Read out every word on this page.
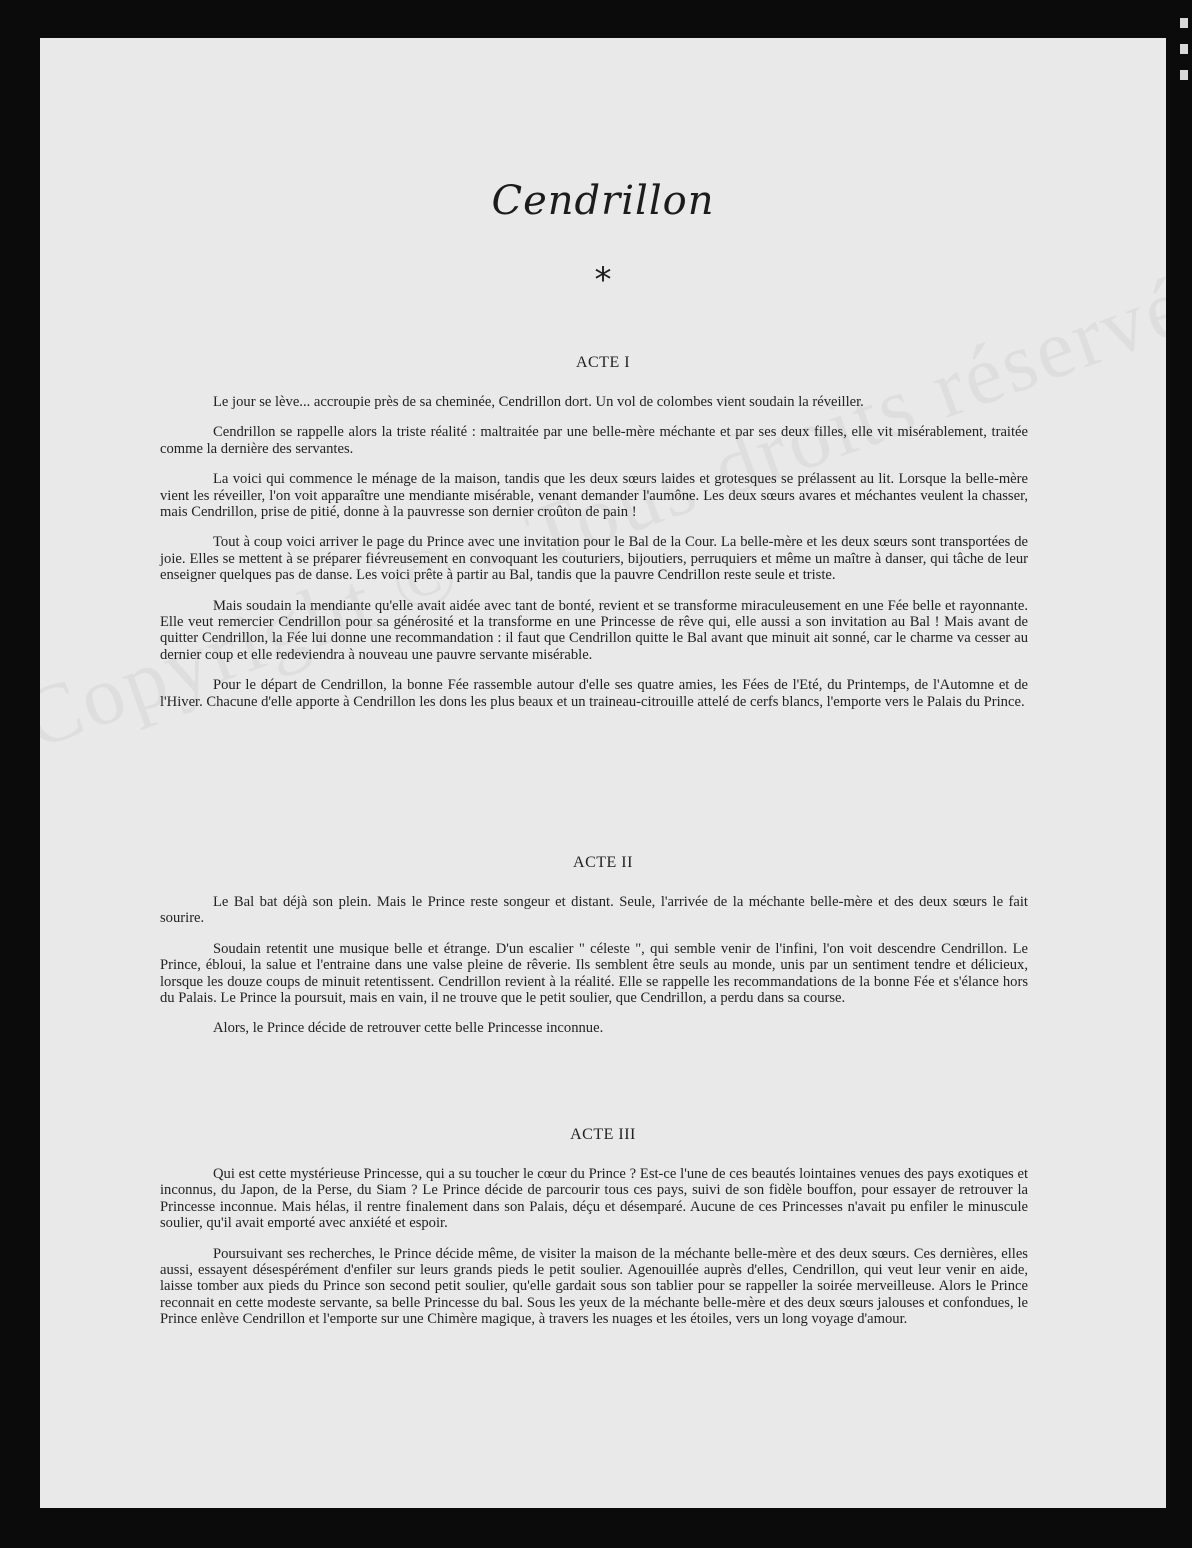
Cendrillon
*
ACTE I

Le jour se lève... accroupie près de sa cheminée, Cendrillon dort. Un vol de colombes vient soudain la réveiller.

Cendrillon se rappelle alors la triste réalité : maltraitée par une belle-mère méchante et par ses deux filles, elle vit misérablement, traitée comme la dernière des servantes.

La voici qui commence le ménage de la maison, tandis que les deux sœurs laides et grotesques se prélassent au lit. Lorsque la belle-mère vient les réveiller, l'on voit apparaître une mendiante misérable, venant demander l'aumône. Les deux sœurs avares et méchantes veulent la chasser, mais Cendrillon, prise de pitié, donne à la pauvresse son dernier croûton de pain !

Tout à coup voici arriver le page du Prince avec une invitation pour le Bal de la Cour. La belle-mère et les deux sœurs sont transportées de joie. Elles se mettent à se préparer fiévreusement en convoquant les couturiers, bijoutiers, perruquiers et même un maître à danser, qui tâche de leur enseigner quelques pas de danse. Les voici prête à partir au Bal, tandis que la pauvre Cendrillon reste seule et triste.

Mais soudain la mendiante qu'elle avait aidée avec tant de bonté, revient et se transforme miraculeusement en une Fée belle et rayonnante. Elle veut remercier Cendrillon pour sa générosité et la transforme en une Princesse de rêve qui, elle aussi a son invitation au Bal ! Mais avant de quitter Cendrillon, la Fée lui donne une recommandation : il faut que Cendrillon quitte le Bal avant que minuit ait sonné, car le charme va cesser au dernier coup et elle redeviendra à nouveau une pauvre servante misérable.

Pour le départ de Cendrillon, la bonne Fée rassemble autour d'elle ses quatre amies, les Fées de l'Eté, du Printemps, de l'Automne et de l'Hiver. Chacune d'elle apporte à Cendrillon les dons les plus beaux et un traineau-citrouille attelé de cerfs blancs, l'emporte vers le Palais du Prince.

ACTE II

Le Bal bat déjà son plein. Mais le Prince reste songeur et distant. Seule, l'arrivée de la méchante belle-mère et des deux sœurs le fait sourire.

Soudain retentit une musique belle et étrange. D'un escalier " céleste ", qui semble venir de l'infini, l'on voit descendre Cendrillon. Le Prince, ébloui, la salue et l'entraine dans une valse pleine de rêverie. Ils semblent être seuls au monde, unis par un sentiment tendre et délicieux, lorsque les douze coups de minuit retentissent. Cendrillon revient à la réalité. Elle se rappelle les recommandations de la bonne Fée et s'élance hors du Palais. Le Prince la poursuit, mais en vain, il ne trouve que le petit soulier, que Cendrillon, a perdu dans sa course.

Alors, le Prince décide de retrouver cette belle Princesse inconnue.

ACTE III

Qui est cette mystérieuse Princesse, qui a su toucher le cœur du Prince ? Est-ce l'une de ces beautés lointaines venues des pays exotiques et inconnus, du Japon, de la Perse, du Siam ? Le Prince décide de parcourir tous ces pays, suivi de son fidèle bouffon, pour essayer de retrouver la Princesse inconnue. Mais hélas, il rentre finalement dans son Palais, déçu et désemparé. Aucune de ces Princesses n'avait pu enfiler le minuscule soulier, qu'il avait emporté avec anxiété et espoir.

Poursuivant ses recherches, le Prince décide même, de visiter la maison de la méchante belle-mère et des deux sœurs. Ces dernières, elles aussi, essayent désespérément d'enfiler sur leurs grands pieds le petit soulier. Agenouillée auprès d'elles, Cendrillon, qui veut leur venir en aide, laisse tomber aux pieds du Prince son second petit soulier, qu'elle gardait sous son tablier pour se rappeller la soirée merveilleuse. Alors le Prince reconnait en cette modeste servante, sa belle Princesse du bal. Sous les yeux de la méchante belle-mère et des deux sœurs jalouses et confondues, le Prince enlève Cendrillon et l'emporte sur une Chimère magique, à travers les nuages et les étoiles, vers un long voyage d'amour.
